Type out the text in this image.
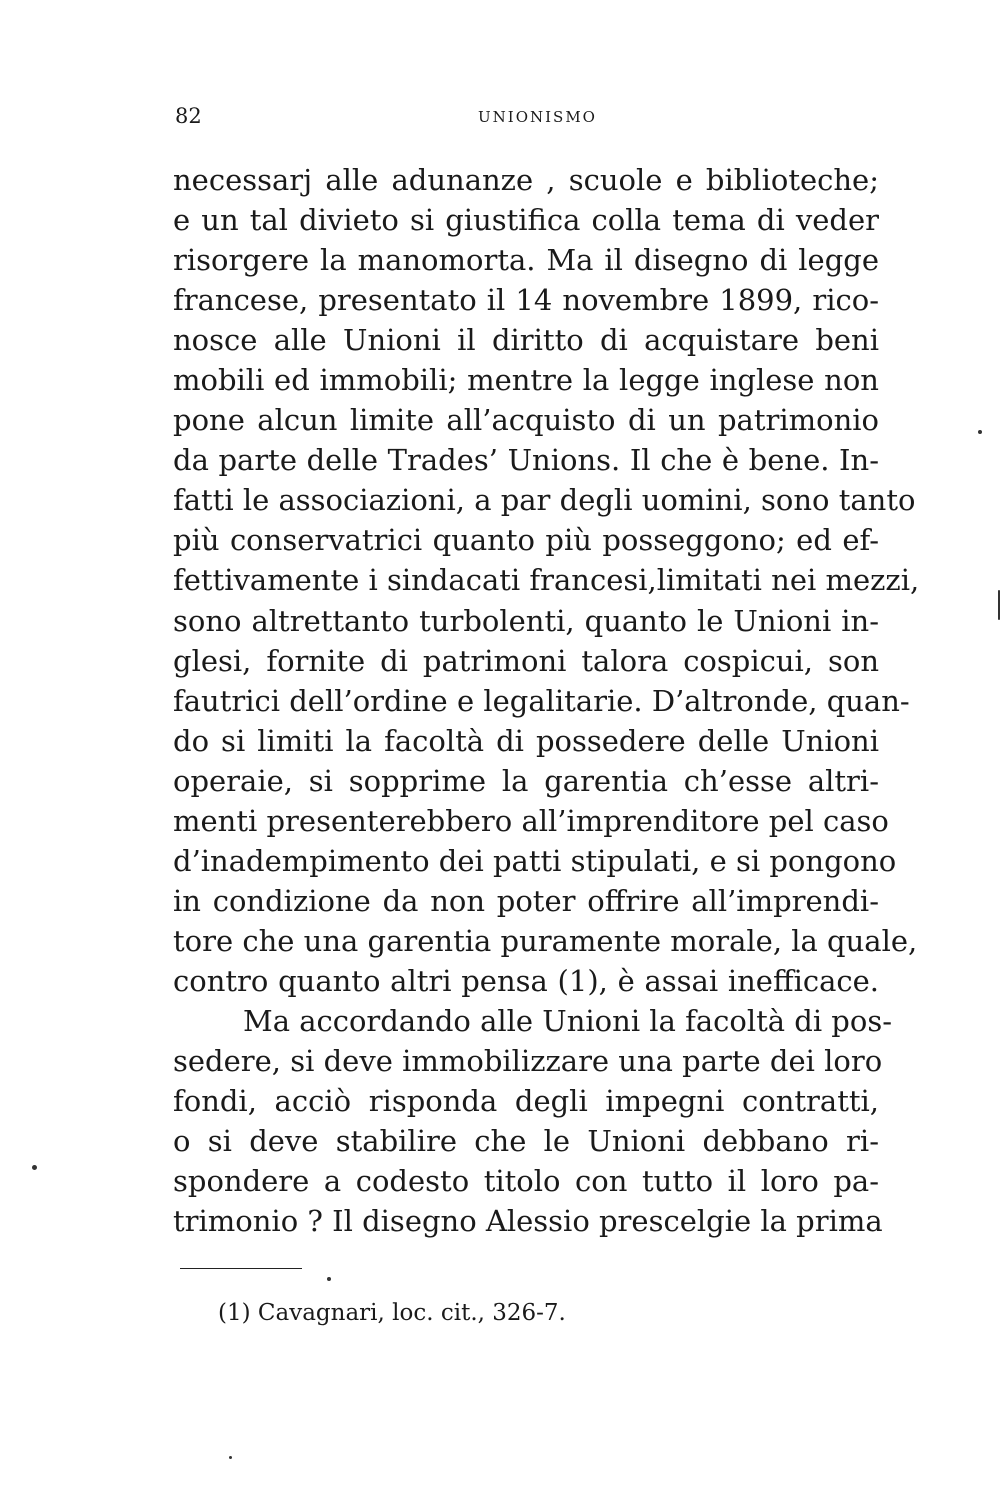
82	UNIONISMO
necessarj alle adunanze , scuole e biblioteche;
e un tal divieto si giustifica colla tema di veder
risorgere la manomorta. Ma il disegno di legge
francese, presentato il 14 novembre 1899, rico-
nosce alle Unioni il diritto di acquistare beni
mobili ed immobili; mentre la legge inglese non
pone alcun limite all’acquisto di un patrimonio
da parte delle Trades’ Unions. Il che è bene. In-
fatti le associazioni, a par degli uomini, sono tanto
più conservatrici quanto più posseggono; ed ef-
fettivamente i sindacati francesi,limitati nei mezzi,
sono altrettanto turbolenti, quanto le Unioni in-
glesi, fornite di patrimoni talora cospicui, son
fautrici dell’ordine e legalitarie. D’altronde, quan-
do si limiti la facoltà di possedere delle Unioni
operaie, si sopprime la garentia ch’esse altri-
menti presenterebbero all’imprenditore pel caso
d’inadempimento dei patti stipulati, e si pongono
in condizione da non poter offrire all’imprendi-
tore che una garentia puramente morale, la quale,
contro quanto altri pensa (1), è assai inefficace.
Ma accordando alle Unioni la facoltà di pos-
sedere, si deve immobilizzare una parte dei loro
fondi, acciò risponda degli impegni contratti,
o si deve stabilire che le Unioni debbano ri-
spondere a codesto titolo con tutto il loro pa-
trimonio ? Il disegno Alessio prescelgie la prima
(1) Cavagnari, loc. cit., 326-7.
